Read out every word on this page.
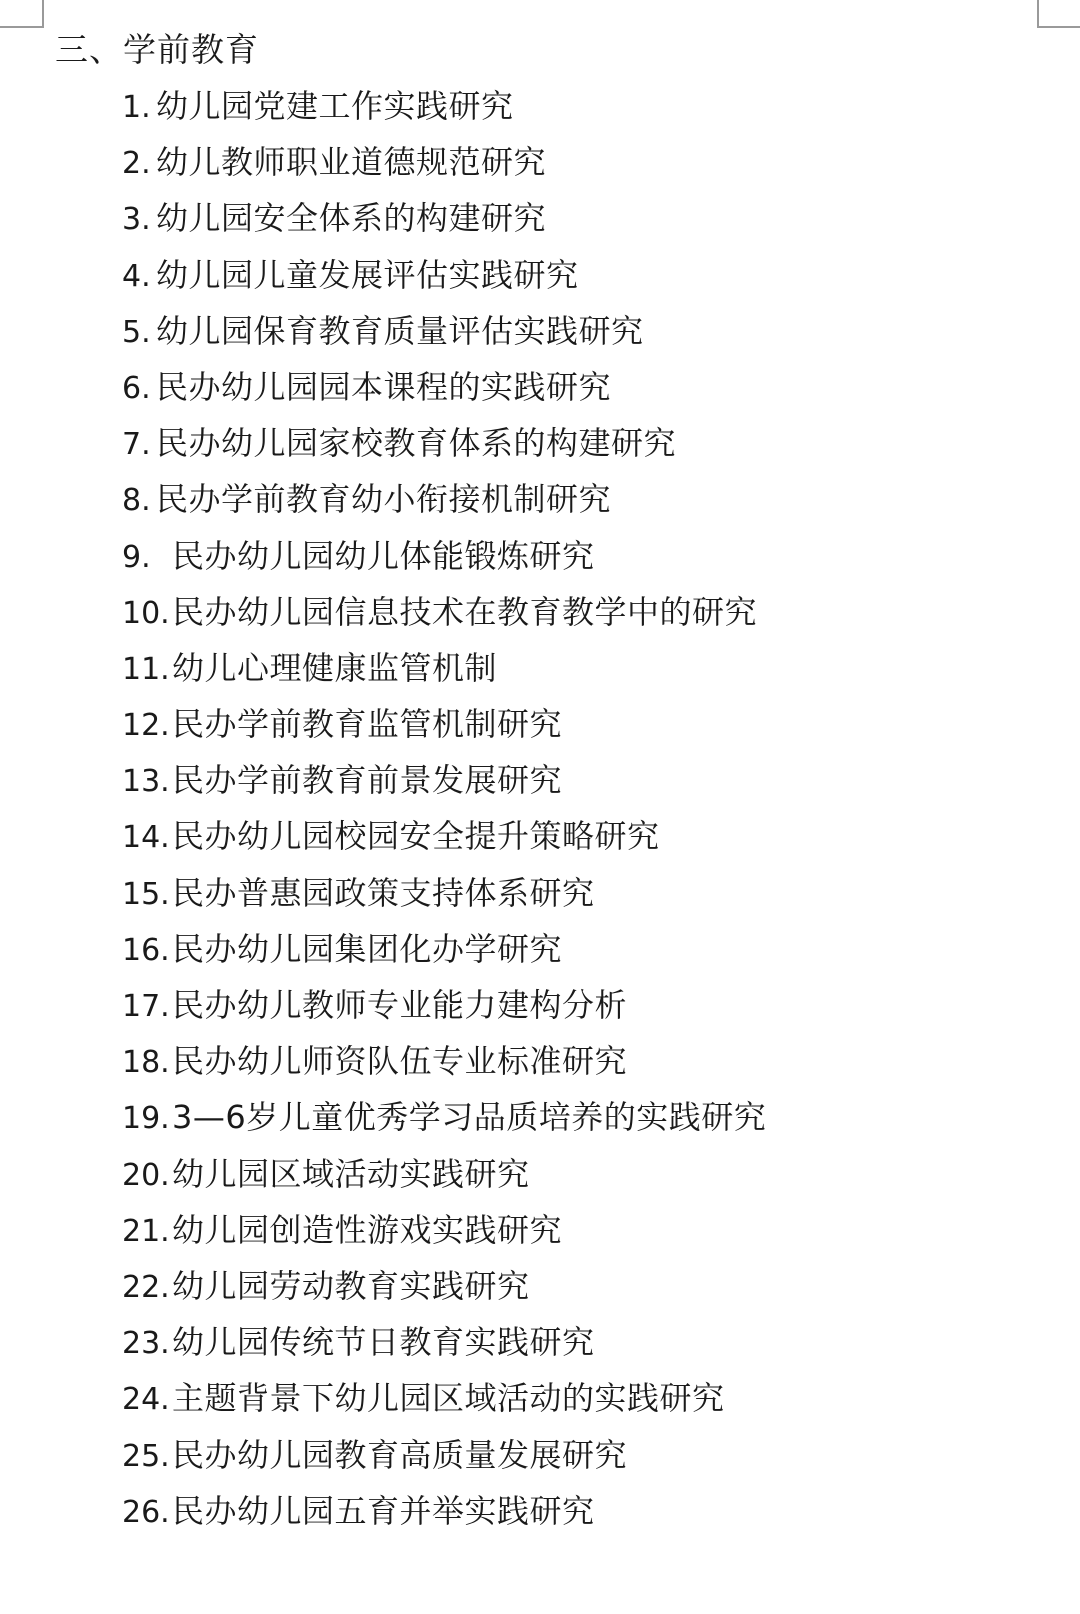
三、学前教育
1. 幼儿园党建工作实践研究
2. 幼儿教师职业道德规范研究
3. 幼儿园安全体系的构建研究
4. 幼儿园儿童发展评估实践研究
5. 幼儿园保育教育质量评估实践研究
6. 民办幼儿园园本课程的实践研究
7. 民办幼儿园家校教育体系的构建研究
8. 民办学前教育幼小衔接机制研究
9. 民办幼儿园幼儿体能锻炼研究
10.民办幼儿园信息技术在教育教学中的研究
11.幼儿心理健康监管机制
12.民办学前教育监管机制研究
13.民办学前教育前景发展研究
14.民办幼儿园校园安全提升策略研究
15.民办普惠园政策支持体系研究
16.民办幼儿园集团化办学研究
17.民办幼儿教师专业能力建构分析
18.民办幼儿师资队伍专业标准研究
19.3—6岁儿童优秀学习品质培养的实践研究
20.幼儿园区域活动实践研究
21.幼儿园创造性游戏实践研究
22.幼儿园劳动教育实践研究
23.幼儿园传统节日教育实践研究
24.主题背景下幼儿园区域活动的实践研究
25.民办幼儿园教育高质量发展研究
26.民办幼儿园五育并举实践研究
